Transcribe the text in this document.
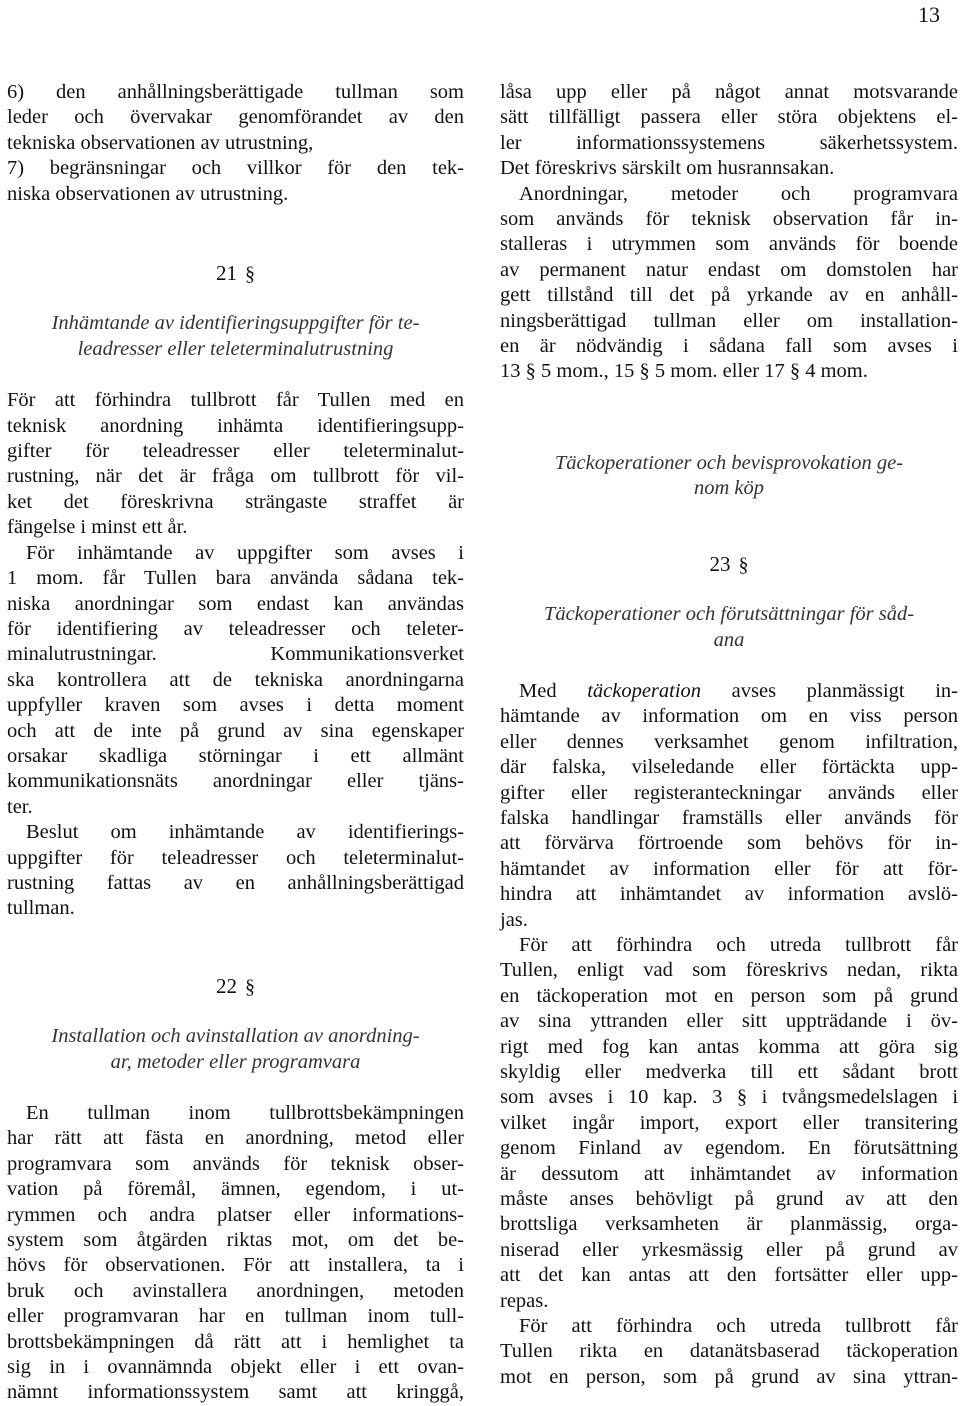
13
6) den anhållningsberättigade tullman som
leder och övervakar genomförandet av den
tekniska observationen av utrustning,
7) begränsningar och villkor för den tek-
niska observationen av utrustning.
21 §
Inhämtande av identifieringsuppgifter för te-
leadresser eller teleterminalutrustning
För att förhindra tullbrott får Tullen med en
teknisk anordning inhämta identifieringsupp-
gifter för teleadresser eller teleterminalut-
rustning, när det är fråga om tullbrott för vil-
ket det föreskrivna strängaste straffet är
fängelse i minst ett år.
För inhämtande av uppgifter som avses i
1 mom. får Tullen bara använda sådana tek-
niska anordningar som endast kan användas
för identifiering av teleadresser och teleter-
minalutrustningar. Kommunikationsverket
ska kontrollera att de tekniska anordningarna
uppfyller kraven som avses i detta moment
och att de inte på grund av sina egenskaper
orsakar skadliga störningar i ett allmänt
kommunikationsnäts anordningar eller tjäns-
ter.
Beslut om inhämtande av identifierings-
uppgifter för teleadresser och teleterminalut-
rustning fattas av en anhållningsberättigad
tullman.
22 §
Installation och avinstallation av anordning-
ar, metoder eller programvara
En tullman inom tullbrottsbekämpningen
har rätt att fästa en anordning, metod eller
programvara som används för teknisk obser-
vation på föremål, ämnen, egendom, i ut-
rymmen och andra platser eller informations-
system som åtgärden riktas mot, om det be-
hövs för observationen. För att installera, ta i
bruk och avinstallera anordningen, metoden
eller programvaran har en tullman inom tull-
brottsbekämpningen då rätt att i hemlighet ta
sig in i ovannämnda objekt eller i ett ovan-
nämnt informationssystem samt att kringgå,
låsa upp eller på något annat motsvarande
sätt tillfälligt passera eller störa objektens el-
ler informationssystemens säkerhetssystem.
Det föreskrivs särskilt om husrannsakan.
Anordningar, metoder och programvara
som används för teknisk observation får in-
stalleras i utrymmen som används för boende
av permanent natur endast om domstolen har
gett tillstånd till det på yrkande av en anhåll-
ningsberättigad tullman eller om installation-
en är nödvändig i sådana fall som avses i
13 § 5 mom., 15 § 5 mom. eller 17 § 4 mom.
Täckoperationer och bevisprovokation ge-
nom köp
23 §
Täckoperationer och förutsättningar för såd-
ana
Med täckoperation avses planmässigt in-
hämtande av information om en viss person
eller dennes verksamhet genom infiltration,
där falska, vilseledande eller förtäckta upp-
gifter eller registeranteckningar används eller
falska handlingar framställs eller används för
att förvärva förtroende som behövs för in-
hämtandet av information eller för att för-
hindra att inhämtandet av information avslö-
jas.
För att förhindra och utreda tullbrott får
Tullen, enligt vad som föreskrivs nedan, rikta
en täckoperation mot en person som på grund
av sina yttranden eller sitt uppträdande i öv-
rigt med fog kan antas komma att göra sig
skyldig eller medverka till ett sådant brott
som avses i 10 kap. 3 § i tvångsmedelslagen i
vilket ingår import, export eller transitering
genom Finland av egendom. En förutsättning
är dessutom att inhämtandet av information
måste anses behövligt på grund av att den
brottsliga verksamheten är planmässig, orga-
niserad eller yrkesmässig eller på grund av
att det kan antas att den fortsätter eller upp-
repas.
För att förhindra och utreda tullbrott får
Tullen rikta en datanätsbaserad täckoperation
mot en person, som på grund av sina yttran-
